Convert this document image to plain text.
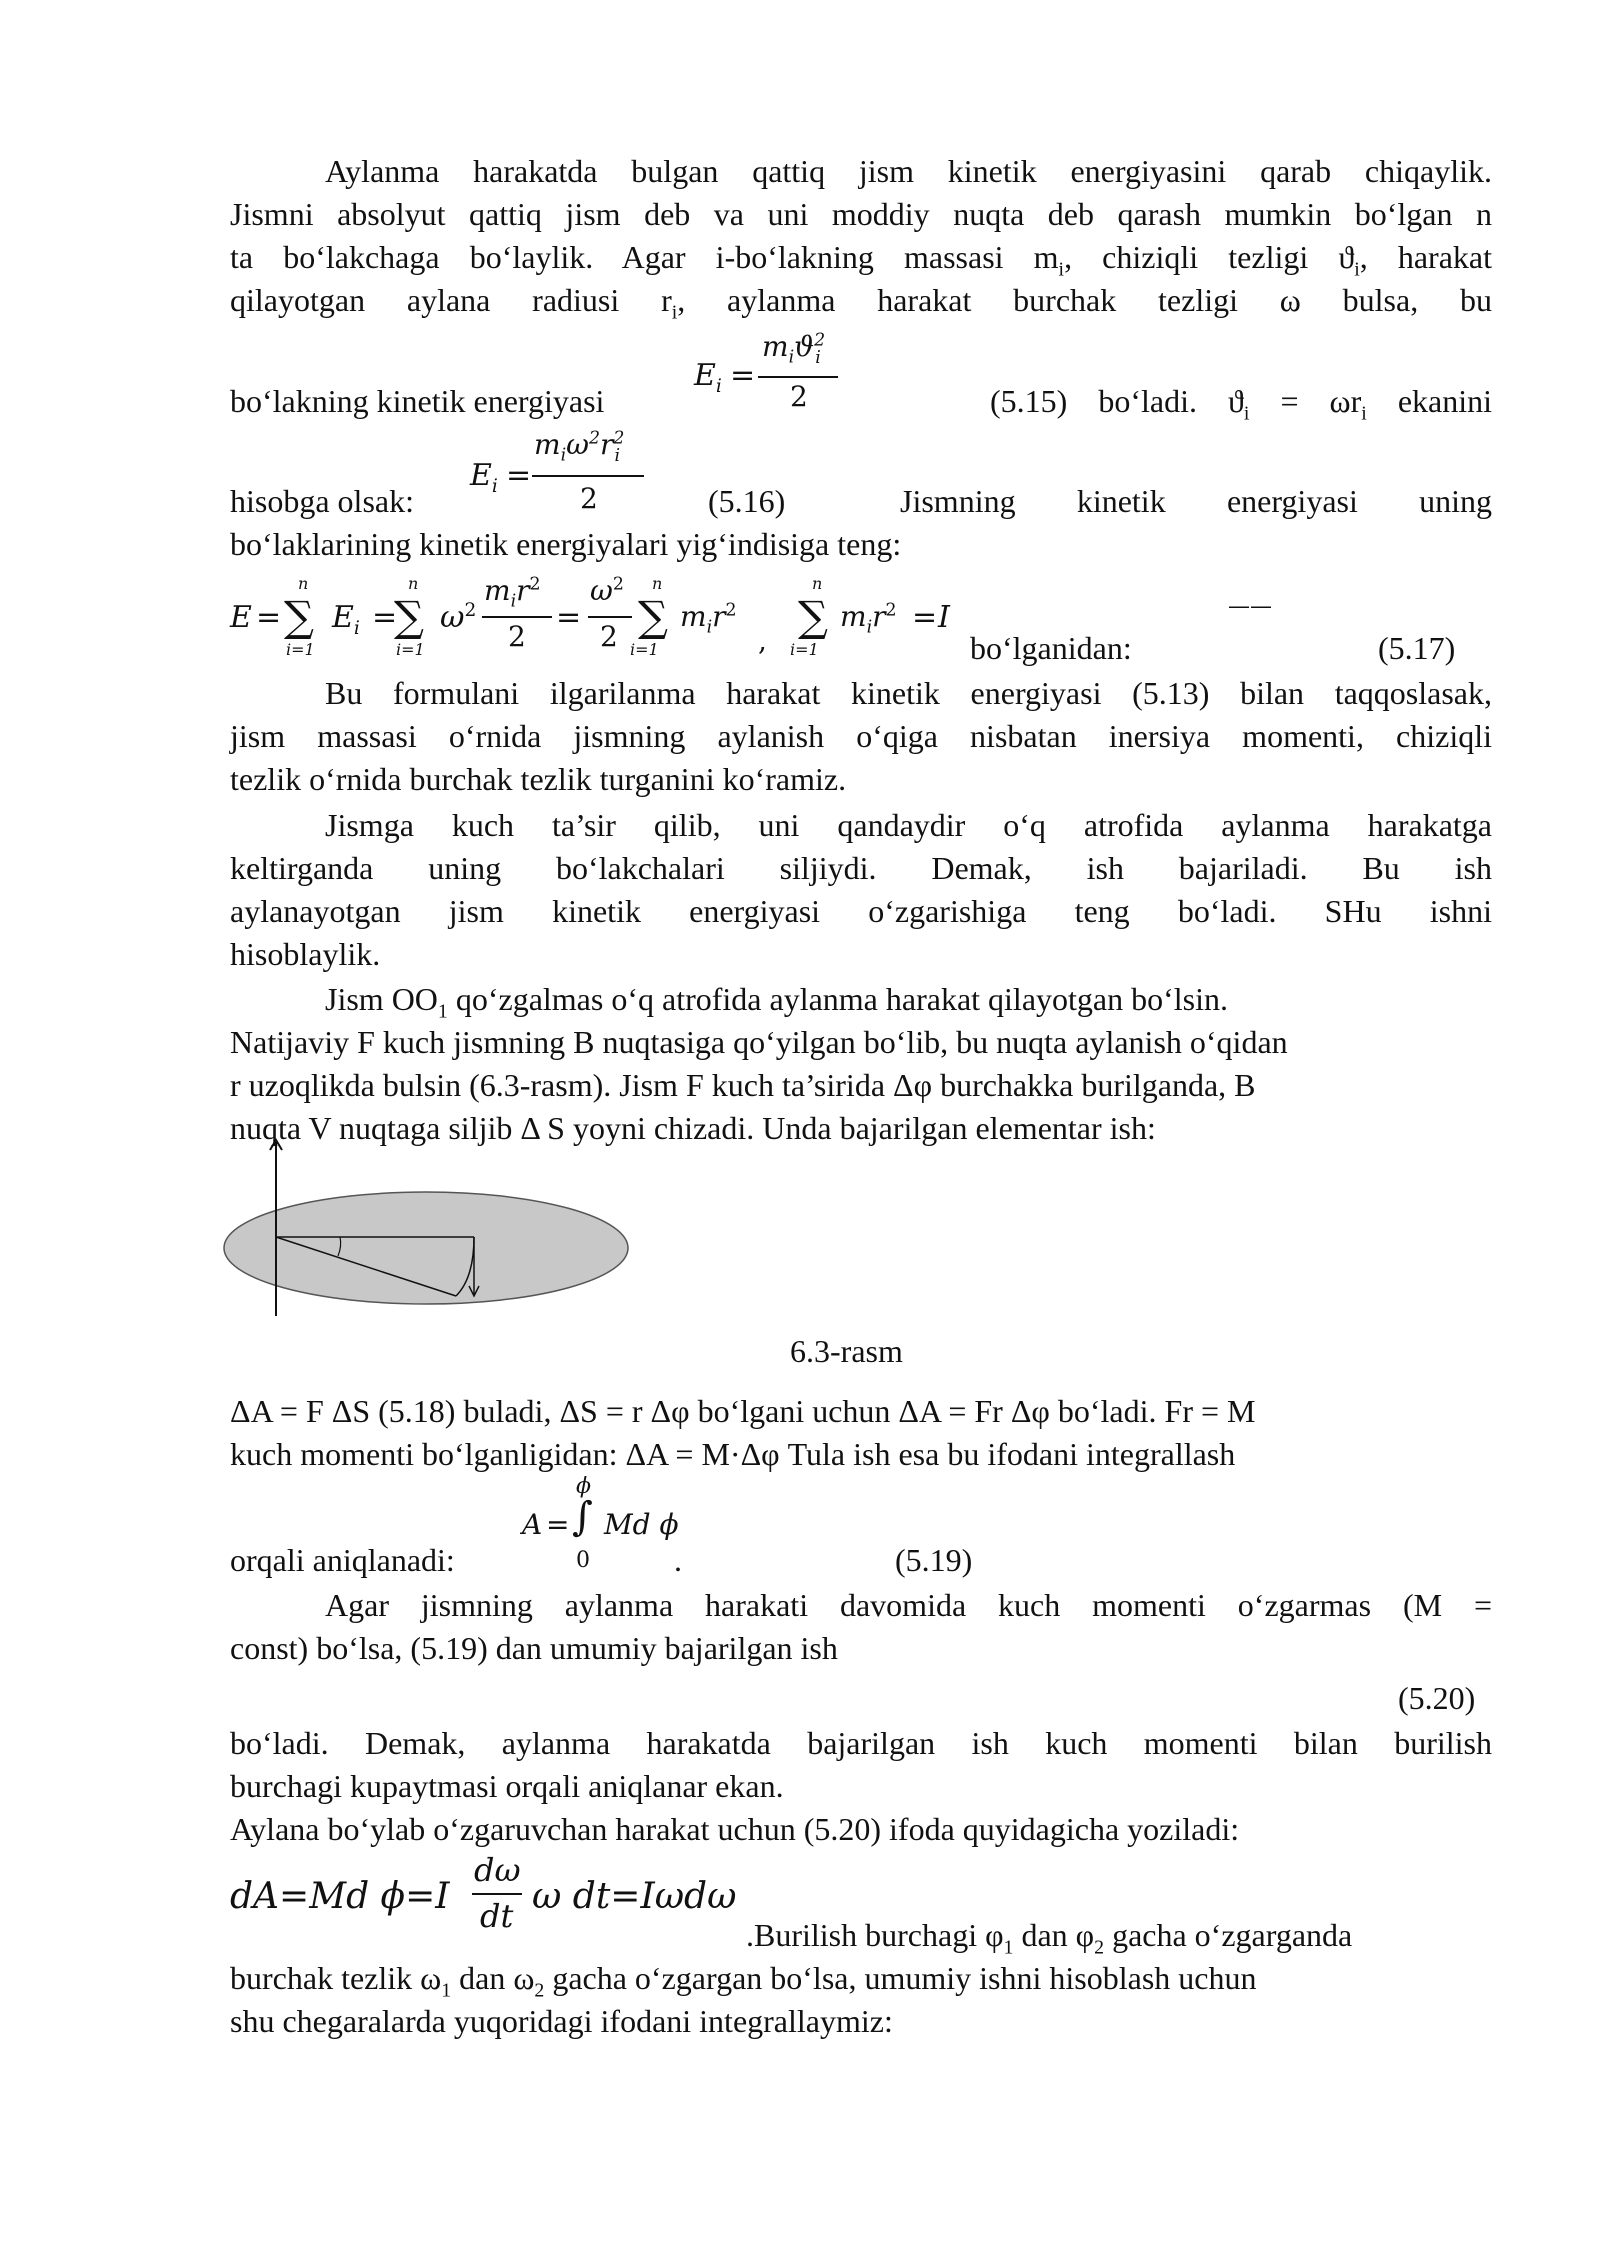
Aylanma harakatda bulgan qattiq jism kinetik energiyasini qarab chiqaylik.
Jismni absolyut qattiq jism deb va uni moddiy nuqta deb qarash mumkin bo‘lgan n
ta bo‘lakchaga bo‘laylik. Agar i-bo‘lakning massasi $m_i$, chiziqli tezligi $ϑ_i$, harakat
qilayotgan aylana radiusi $r_i$, aylanma harakat burchak tezligi ω bulsa, bu
bo‘lakning kinetik energiyasi
$E_i$ =
$m_iϑ^2_i$
2	(5.15) bo‘ladi. $ϑ_i = \omega r_i$ ekanini
hisobga olsak:
$E_i$ =
$m_i\omega^2r^2_i$
2	(5.16)	Jismning kinetik energiyasi uning
bo‘laklarining kinetik energiyalari yig‘indisiga teng:
E =
n
∑
i=1
$E_i$ =
n
∑
i=1
$\omega^2$
$m_ir^2$
2
=
$\omega^2$
2
n
∑
i=1
$m_ir^2$
,
n
∑
i=1
$m_ir^2 = I$	——
bo‘lganidan:	(5.17)
Bu formulani ilgarilanma harakat kinetik energiyasi (5.13) bilan taqqoslasak,
jism massasi o‘rnida jismning aylanish o‘qiga nisbatan inersiya momenti, chiziqli
tezlik o‘rnida burchak tezlik turganini ko‘ramiz.
Jismga kuch ta’sir qilib, uni qandaydir o‘q atrofida aylanma harakatga
keltirganda uning bo‘lakchalari siljiydi. Demak, ish bajariladi. Bu ish
aylanayotgan jism kinetik energiyasi o‘zgarishiga teng bo‘ladi. SHu ishni
hisoblaylik.
Jism $OO_1$ qo‘zgalmas o‘q atrofida aylanma harakat qilayotgan bo‘lsin.
Natijaviy F kuch jismning B nuqtasiga qo‘yilgan bo‘lib, bu nuqta aylanish o‘qidan
r uzoqlikda bulsin (6.3-rasm). Jism F kuch ta’sirida Δφ burchakka burilganda, B
nuqta V nuqtaga siljib Δ S yoyni chizadi. Unda bajarilgan elementar ish:
6.3-rasm
ΔA = F ΔS (5.18) buladi, ΔS = r Δφ bo‘lgani uchun ΔA = Fr Δφ bo‘ladi. Fr = M
kuch momenti bo‘lganligidan: ΔA = M·Δφ Tula ish esa bu ifodani integrallash
orqali aniqlanadi:
ϕ
A = ∫
0
Md ϕ
.	(5.19)
Agar jismning aylanma harakati davomida kuch momenti o‘zgarmas (M =
const) bo‘lsa, (5.19) dan umumiy bajarilgan ish
(5.20)
bo‘ladi. Demak, aylanma harakatda bajarilgan ish kuch momenti bilan burilish
burchagi kupaytmasi orqali aniqlanar ekan.
Aylana bo‘ylab o‘zgaruvchan harakat uchun (5.20) ifoda quyidagicha yoziladi:
dA=Md ϕ=I
dω
dt ω dt=Iωdω
.Burilish burchagi $\varphi_1$ dan $\varphi_2$ gacha o‘zgarganda
burchak tezlik $\omega_1$ dan $\omega_2$ gacha o‘zgargan bo‘lsa, umumiy ishni hisoblash uchun
shu chegaralarda yuqoridagi ifodani integrallaymiz:
